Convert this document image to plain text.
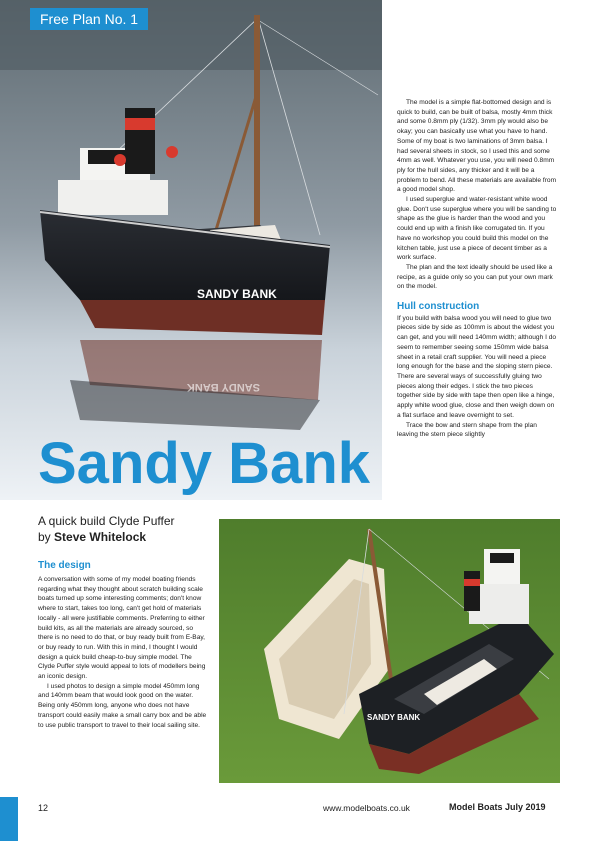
SANDY BANK
SANDY BANK
Free Plan No. 1

The model is a simple flat-bottomed design and is quick to build, can be built of balsa, mostly 4mm thick and some 0.8mm ply (1/32). 3mm ply would also be okay; you can basically use what you have to hand. Some of my boat is two laminations of 3mm balsa. I had several sheets in stock, so I used this and some 4mm as well. Whatever you use, you will need 0.8mm ply for the hull sides, any thicker and it will be a problem to bend. All these materials are available from a good model shop.

I used superglue and water-resistant white wood glue. Don't use superglue where you will be sanding to shape as the glue is harder than the wood and you could end up with a finish like corrugated tin. If you have no workshop you could build this model on the kitchen table, just use a piece of decent timber as a work surface.

The plan and the text ideally should be used like a recipe, as a guide only so you can put your own mark on the model.

Hull construction

If you build with balsa wood you will need to glue two pieces side by side as 100mm is about the widest you can get, and you will need 140mm width; although I do seem to remember seeing some 150mm wide balsa sheet in a retail craft supplier. You will need a piece long enough for the base and the sloping stern piece. There are several ways of successfully gluing two pieces along their edges. I stick the two pieces together side by side with tape then open like a hinge, apply white wood glue, close and then weigh down on a flat surface and leave overnight to set.

Trace the bow and stern shape from the plan leaving the stern piece slightly

Sandy Bank
A quick build Clyde Puffer
by Steve Whitelock
The design

A conversation with some of my model boating friends regarding what they thought about scratch building scale boats turned up some interesting comments; don't know where to start, takes too long, can't get hold of materials locally - all were justifiable comments. Preferring to either build kits, as all the materials are already sourced, so there is no need to do that, or buy ready built from E-Bay, or buy ready to run. With this in mind, I thought I would design a quick build cheap-to-buy simple model. The Clyde Puffer style would appeal to lots of modellers being an iconic design.

I used photos to design a simple model 450mm long and 140mm beam that would look good on the water. Being only 450mm long, anyone who does not have transport could easily make a small carry box and be able to use public transport to travel to their local sailing site.

SANDY BANK
12	www.modelboats.co.uk	Model Boats July 2019
